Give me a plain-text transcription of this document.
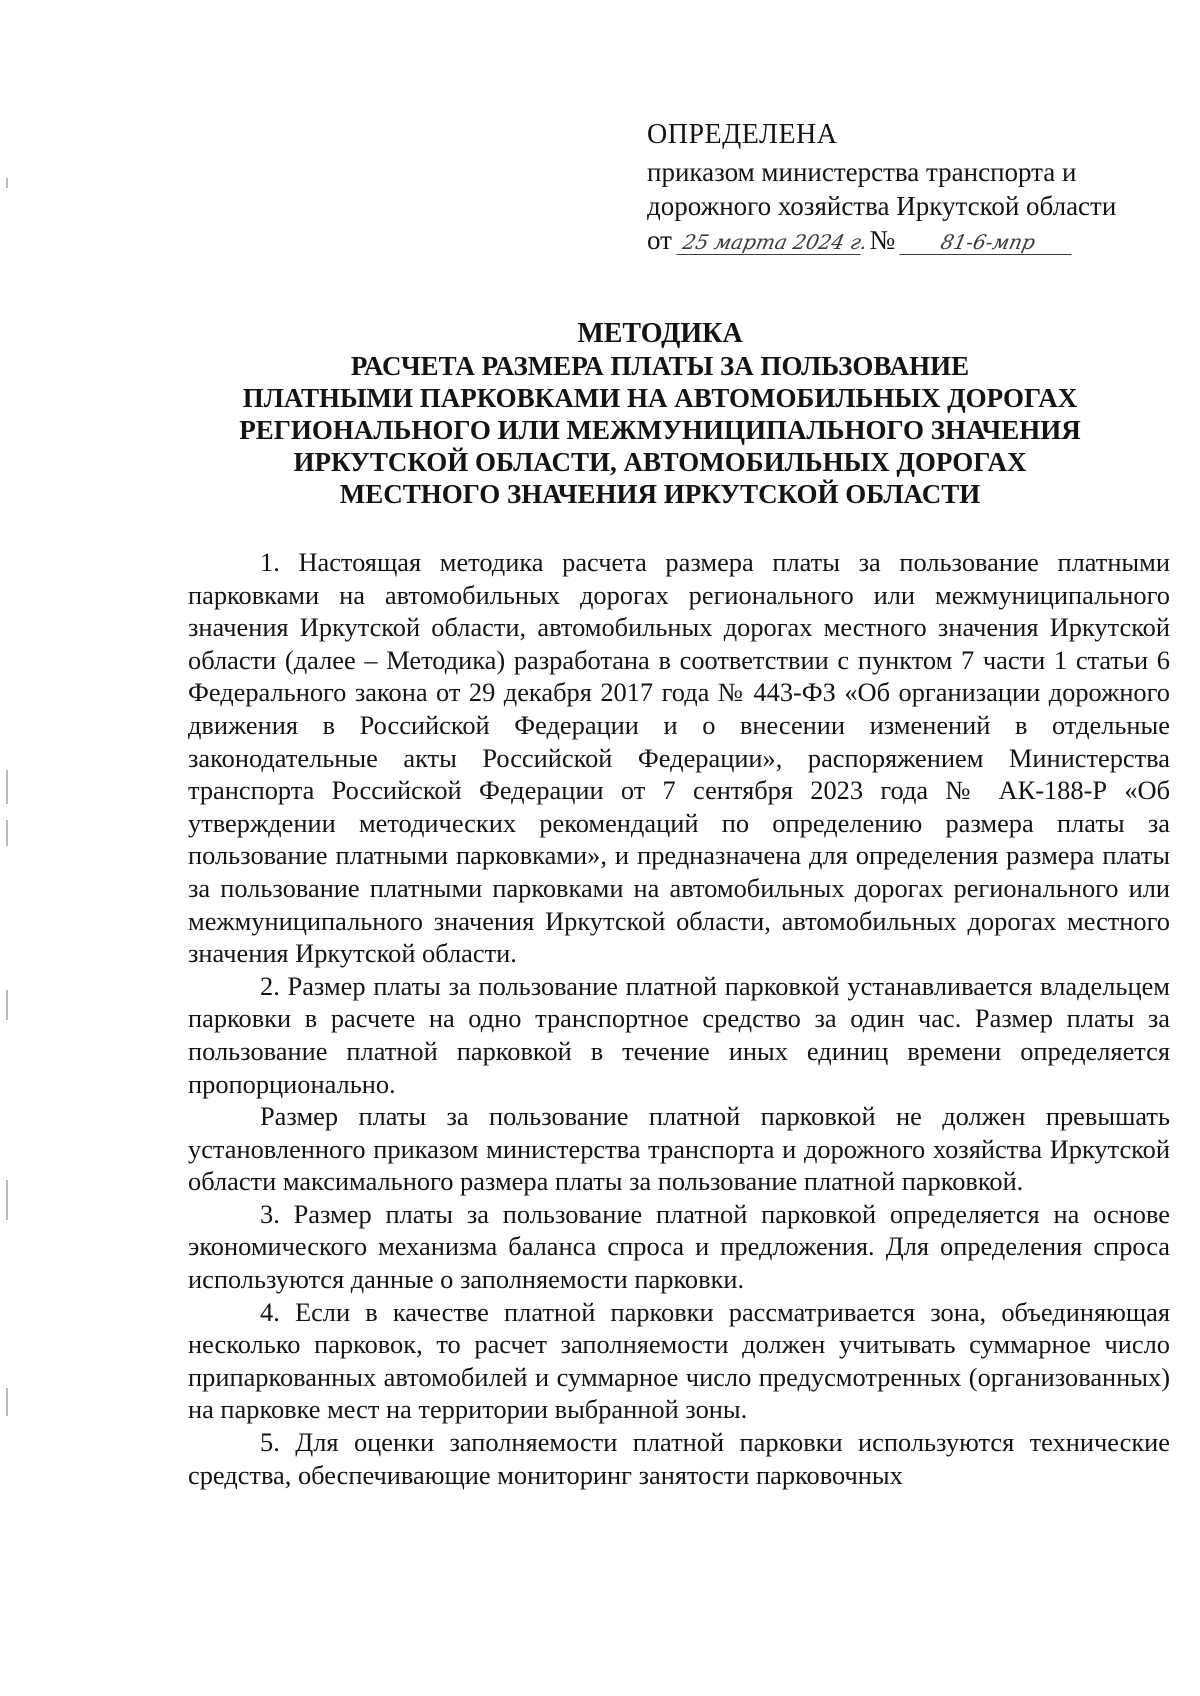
ОПРЕДЕЛЕНА
приказом министерства транспорта и
дорожного хозяйства Иркутской области
от 25 марта 2024 г. № 81-6-мпр
МЕТОДИКА
РАСЧЕТА РАЗМЕРА ПЛАТЫ ЗА ПОЛЬЗОВАНИЕ
ПЛАТНЫМИ ПАРКОВКАМИ НА АВТОМОБИЛЬНЫХ ДОРОГАХ
РЕГИОНАЛЬНОГО ИЛИ МЕЖМУНИЦИПАЛЬНОГО ЗНАЧЕНИЯ
ИРКУТСКОЙ ОБЛАСТИ, АВТОМОБИЛЬНЫХ ДОРОГАХ
МЕСТНОГО ЗНАЧЕНИЯ ИРКУТСКОЙ ОБЛАСТИ

1. Настоящая методика расчета размера платы за пользование платными парковками на автомобильных дорогах регионального или межмуниципального значения Иркутской области, автомобильных дорогах местного значения Иркутской области (далее – Методика) разработана в соответствии с пунктом 7 части 1 статьи 6 Федерального закона от 29 декабря 2017 года № 443-ФЗ «Об организации дорожного движения в Российской Федерации и о внесении изменений в отдельные законодательные акты Российской Федерации», распоряжением Министерства транспорта Российской Федерации от 7 сентября 2023 года № АК-188-Р «Об утверждении методических рекомендаций по определению размера платы за пользование платными парковками», и предназначена для определения размера платы за пользование платными парковками на автомобильных дорогах регионального или межмуниципального значения Иркутской области, автомобильных дорогах местного значения Иркутской области.

2. Размер платы за пользование платной парковкой устанавливается владельцем парковки в расчете на одно транспортное средство за один час. Размер платы за пользование платной парковкой в течение иных единиц времени определяется пропорционально.

Размер платы за пользование платной парковкой не должен превышать установленного приказом министерства транспорта и дорожного хозяйства Иркутской области максимального размера платы за пользование платной парковкой.

3. Размер платы за пользование платной парковкой определяется на основе экономического механизма баланса спроса и предложения. Для определения спроса используются данные о заполняемости парковки.

4. Если в качестве платной парковки рассматривается зона, объединяющая несколько парковок, то расчет заполняемости должен учитывать суммарное число припаркованных автомобилей и суммарное число предусмотренных (организованных) на парковке мест на территории выбранной зоны.

5. Для оценки заполняемости платной парковки используются технические средства, обеспечивающие мониторинг занятости парковочных
